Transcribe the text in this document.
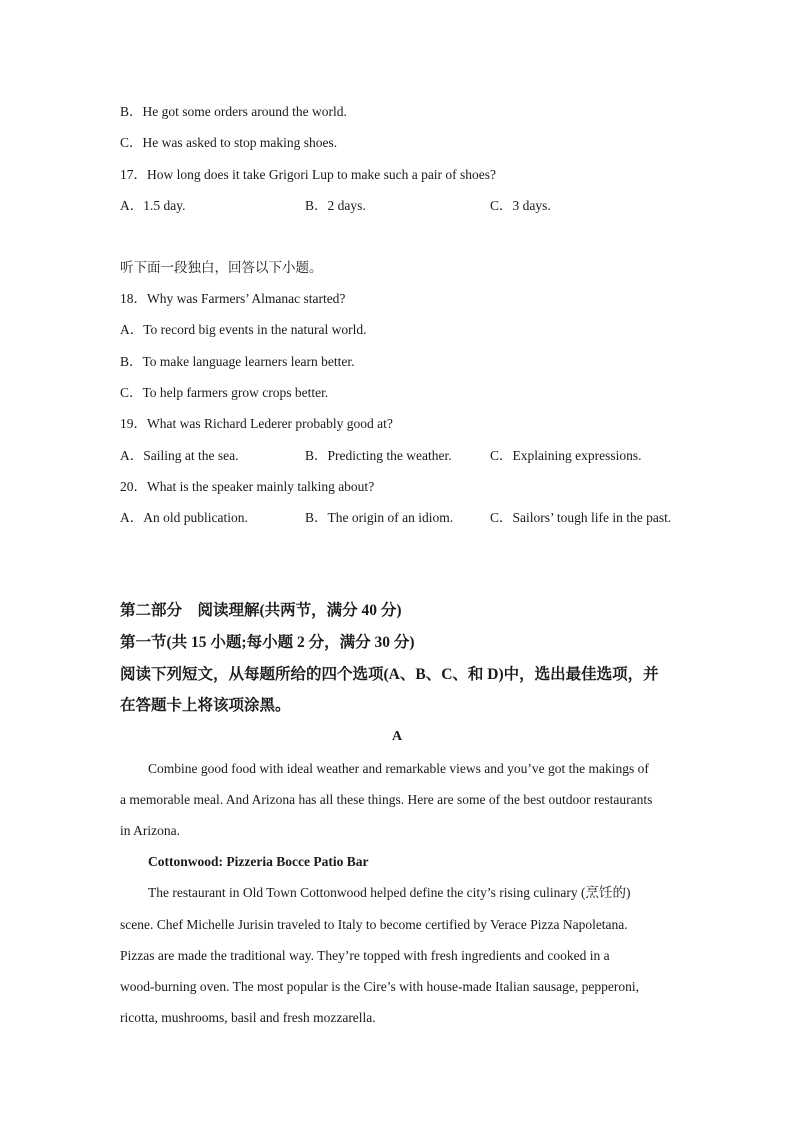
B．He got some orders around the world.
C．He was asked to stop making shoes.
17．How long does it take Grigori Lup to make such a pair of shoes?
A．1.5 day.	B．2 days.	C．3 days.
听下面一段独白，回答以下小题。
18．Why was Farmers’ Almanac started?
A．To record big events in the natural world.
B．To make language learners learn better.
C．To help farmers grow crops better.
19．What was Richard Lederer probably good at?
A．Sailing at the sea.	B．Predicting the weather.	C．Explaining expressions.
20．What is the speaker mainly talking about?
A．An old publication.	B．The origin of an idiom.	C．Sailors’ tough life in the past.
第二部分　阅读理解(共两节，满分 40 分)
第一节(共 15 小题;每小题 2 分，满分 30 分)
阅读下列短文，从每题所给的四个选项(A、B、C、和 D)中，选出最佳选项，并
在答题卡上将该项涂黑。
A
Combine good food with ideal weather and remarkable views and you’ve got the makings of
a memorable meal. And Arizona has all these things. Here are some of the best outdoor restaurants
in Arizona.
Cottonwood: Pizzeria Bocce Patio Bar
The restaurant in Old Town Cottonwood helped define the city’s rising culinary (烹饪的)
scene. Chef Michelle Jurisin traveled to Italy to become certified by Verace Pizza Napoletana.
Pizzas are made the traditional way. They’re topped with fresh ingredients and cooked in a
wood-burning oven. The most popular is the Cire’s with house-made Italian sausage, pepperoni,
ricotta, mushrooms, basil and fresh mozzarella.
